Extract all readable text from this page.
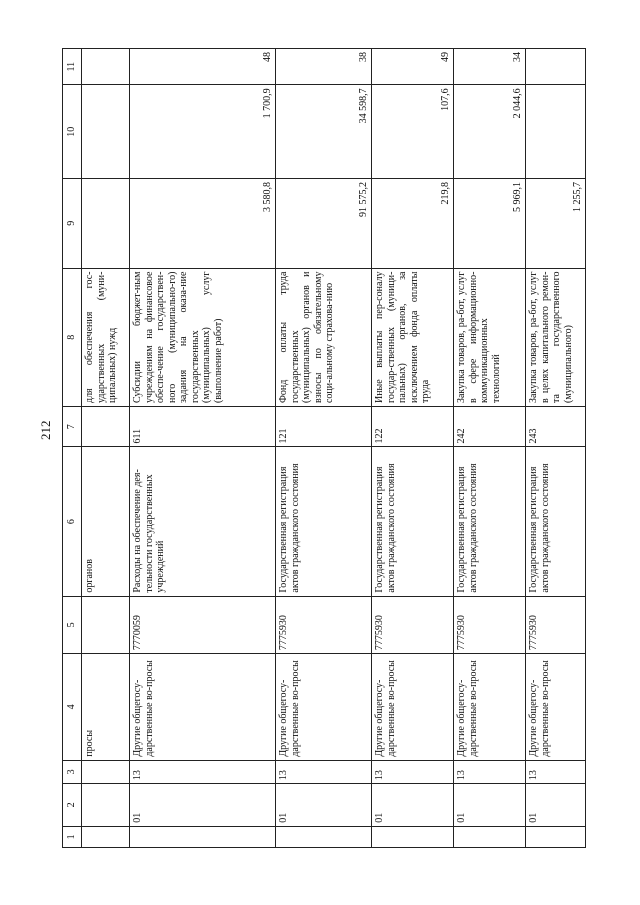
212
1	2	3	4	5	6	7	8	9	10	11
			просы		органов		для обеспечения гос-ударственных (муни-ципальных) нужд			
	01	13	Другие общегосу-дарственные во-просы	7770059	Расходы на обеспечение дея-тельности государственных учреждений	611	Субсидии бюджет-ным учреждениям на финансовое обеспе-чение государствен-ного (муниципально-го) задания на оказа-ние государственных (муниципальных) услуг (выполнение работ)	3 580,8	1 700,9	48
	01	13	Другие общегосу-дарственные во-просы	7775930	Государственная регистрация актов гражданского состояния	121	Фонд оплаты труда государственных (муниципальных) органов и взносы по обязательному соци-альному страхова-нию	91 575,2	34 598,7	38
	01	13	Другие общегосу-дарственные во-просы	7775930	Государственная регистрация актов гражданского состояния	122	Иные выплаты пер-соналу государ-ственных (муници-пальных) органов, за исключением фонда оплаты труда	219,8	107,6	49
	01	13	Другие общегосу-дарственные во-просы	7775930	Государственная регистрация актов гражданского состояния	242	Закупка товаров, ра-бот, услуг в сфере информационно-коммуникационных технологий	5 969,1	2 044,6	34
	01	13	Другие общегосу-дарственные во-просы	7775930	Государственная регистрация актов гражданского состояния	243	Закупка товаров, ра-бот, услуг в целях капитального ремон-та государственного (муниципального)	1 255,7		
